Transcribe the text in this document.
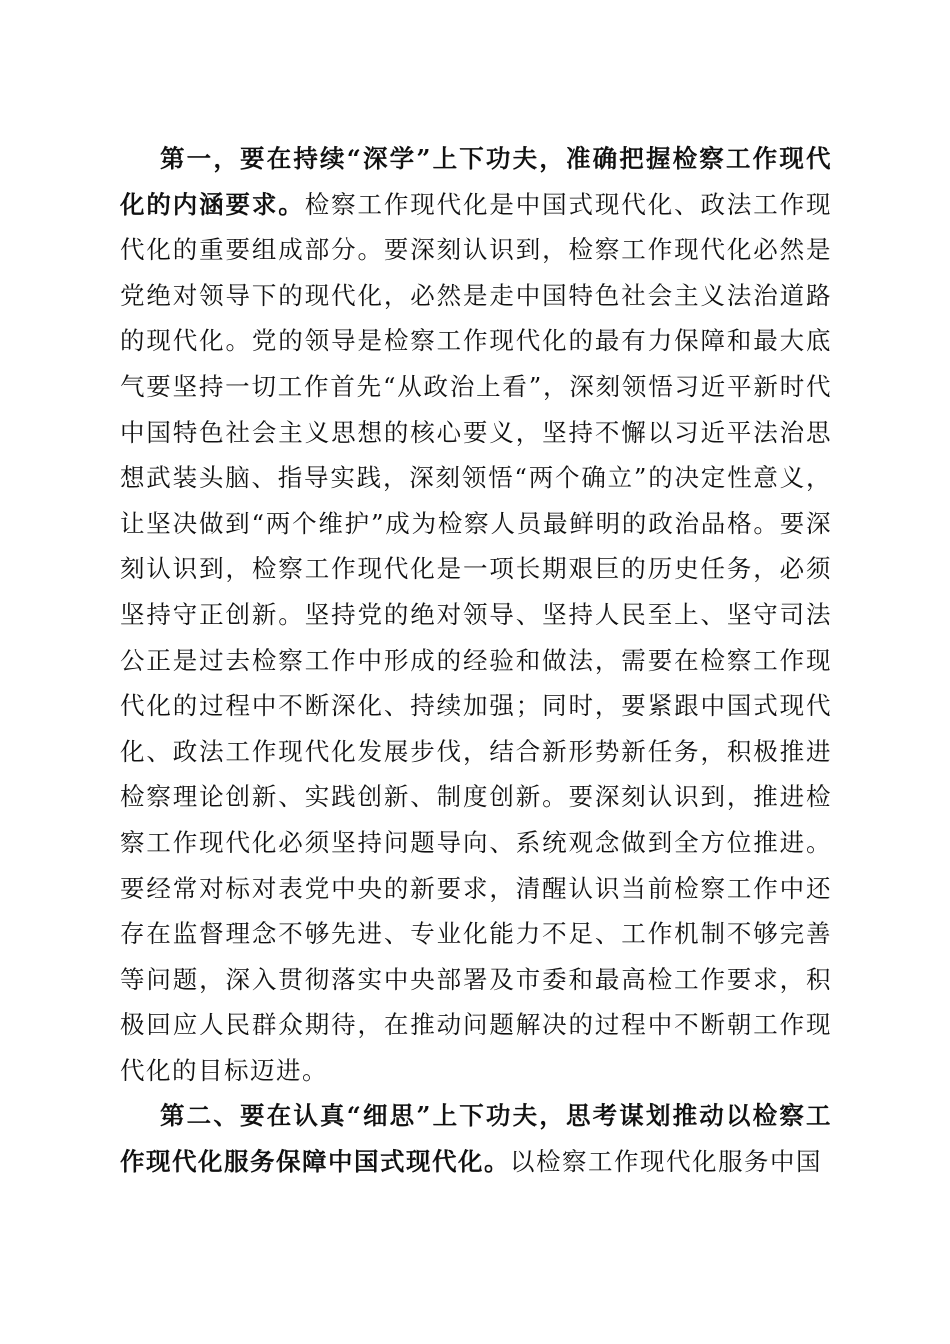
第一，要在持续“深学”上下功夫，准确把握检察工作现代化的内涵要求。检察工作现代化是中国式现代化、政法工作现代化的重要组成部分。要深刻认识到，检察工作现代化必然是党绝对领导下的现代化，必然是走中国特色社会主义法治道路的现代化。党的领导是检察工作现代化的最有力保障和最大底气要坚持一切工作首先“从政治上看”，深刻领悟习近平新时代中国特色社会主义思想的核心要义，坚持不懈以习近平法治思想武装头脑、指导实践，深刻领悟“两个确立”的决定性意义，让坚决做到“两个维护”成为检察人员最鲜明的政治品格。要深刻认识到，检察工作现代化是一项长期艰巨的历史任务，必须坚持守正创新。坚持党的绝对领导、坚持人民至上、坚守司法公正是过去检察工作中形成的经验和做法，需要在检察工作现代化的过程中不断深化、持续加强；同时，要紧跟中国式现代化、政法工作现代化发展步伐，结合新形势新任务，积极推进检察理论创新、实践创新、制度创新。要深刻认识到，推进检察工作现代化必须坚持问题导向、系统观念做到全方位推进。要经常对标对表党中央的新要求，清醒认识当前检察工作中还存在监督理念不够先进、专业化能力不足、工作机制不够完善等问题，深入贯彻落实中央部署及市委和最高检工作要求，积极回应人民群众期待，在推动问题解决的过程中不断朝工作现代化的目标迈进。

第二、要在认真“细思”上下功夫，思考谋划推动以检察工作现代化服务保障中国式现代化。以检察工作现代化服务中国
